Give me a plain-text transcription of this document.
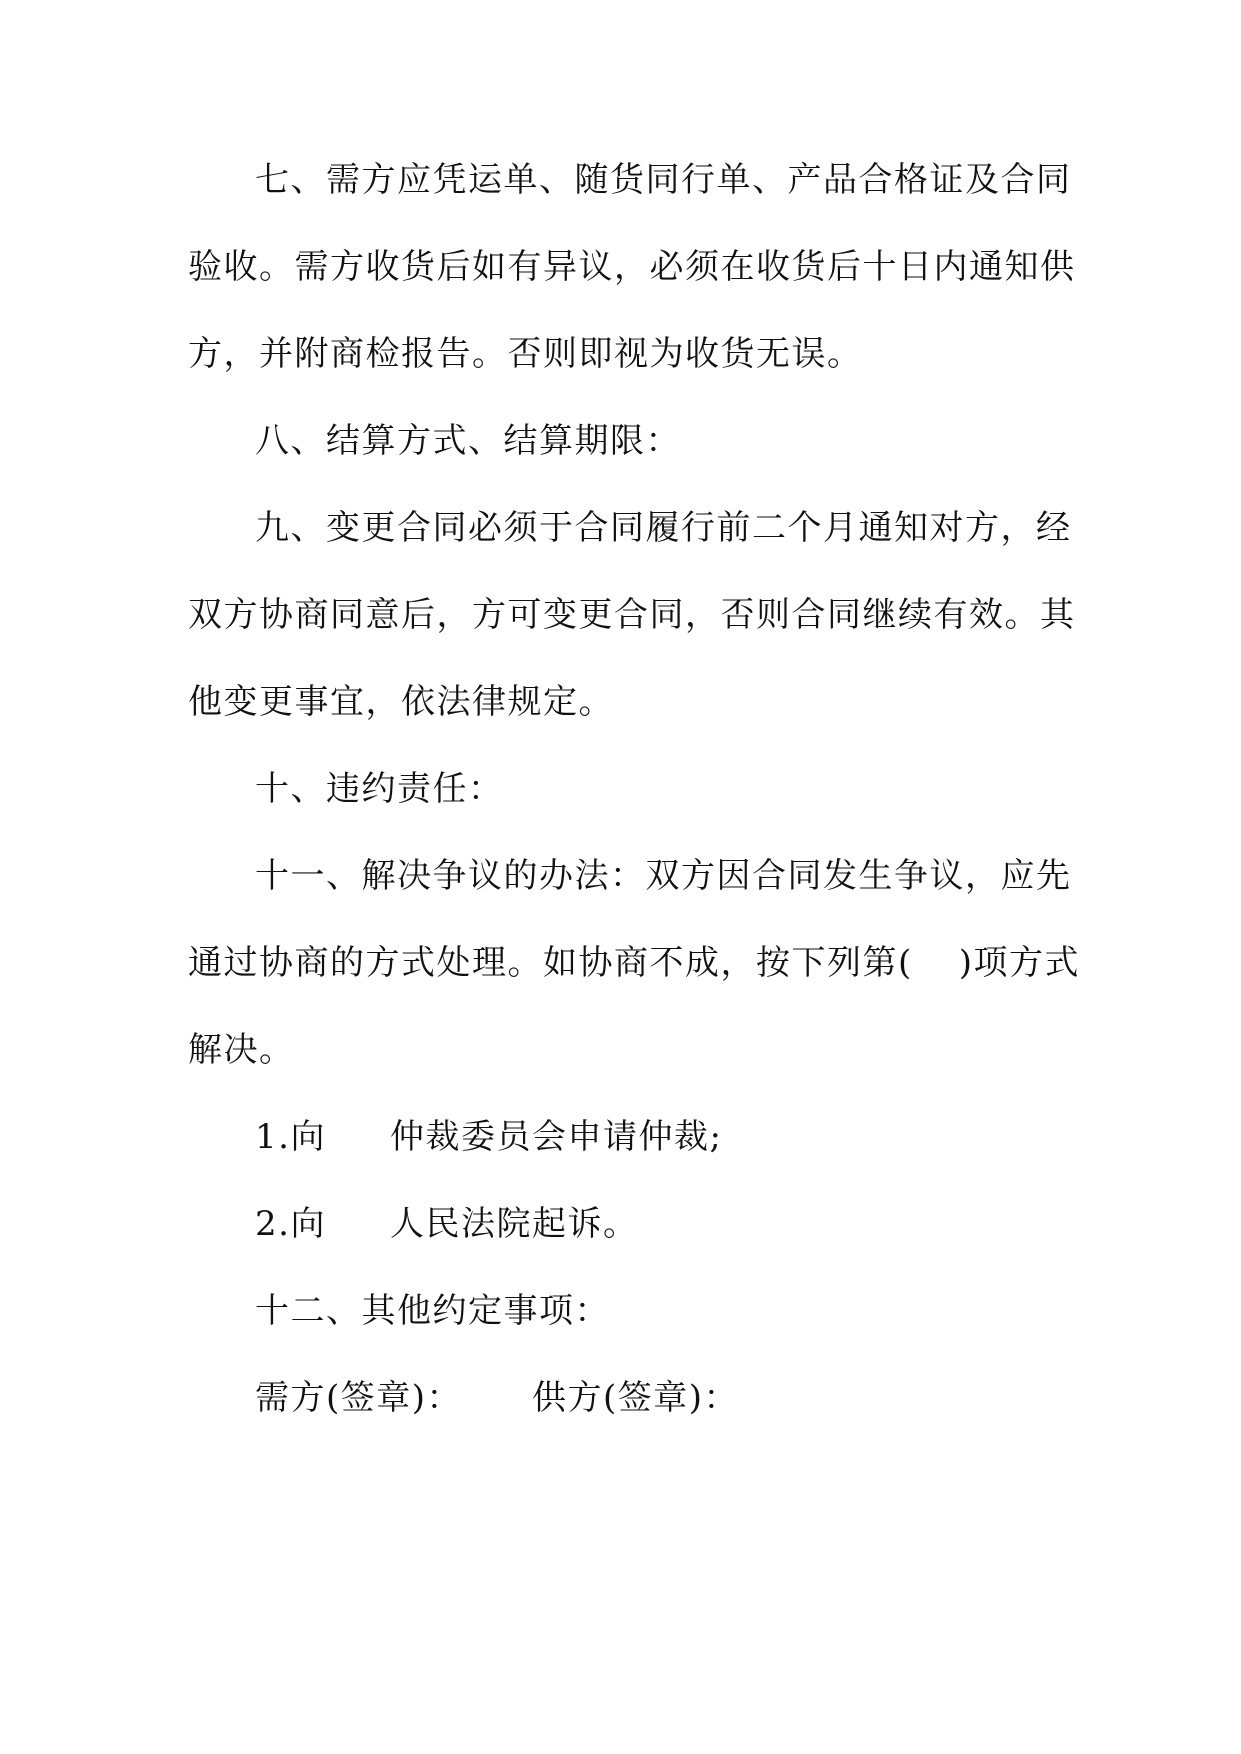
七、需方应凭运单、随货同行单、产品合格证及合同
验收。需方收货后如有异议，必须在收货后十日内通知供
方，并附商检报告。否则即视为收货无误。
八、结算方式、结算期限：
九、变更合同必须于合同履行前二个月通知对方，经
双方协商同意后，方可变更合同，否则合同继续有效。其
他变更事宜，依法律规定。
十、违约责任：
十一、解决争议的办法：双方因合同发生争议，应先
通过协商的方式处理。如协商不成，按下列第( )项方式
解决。
1.向 仲裁委员会申请仲裁;
2.向 人民法院起诉。
十二、其他约定事项：
需方(签章)： 供方(签章)：
